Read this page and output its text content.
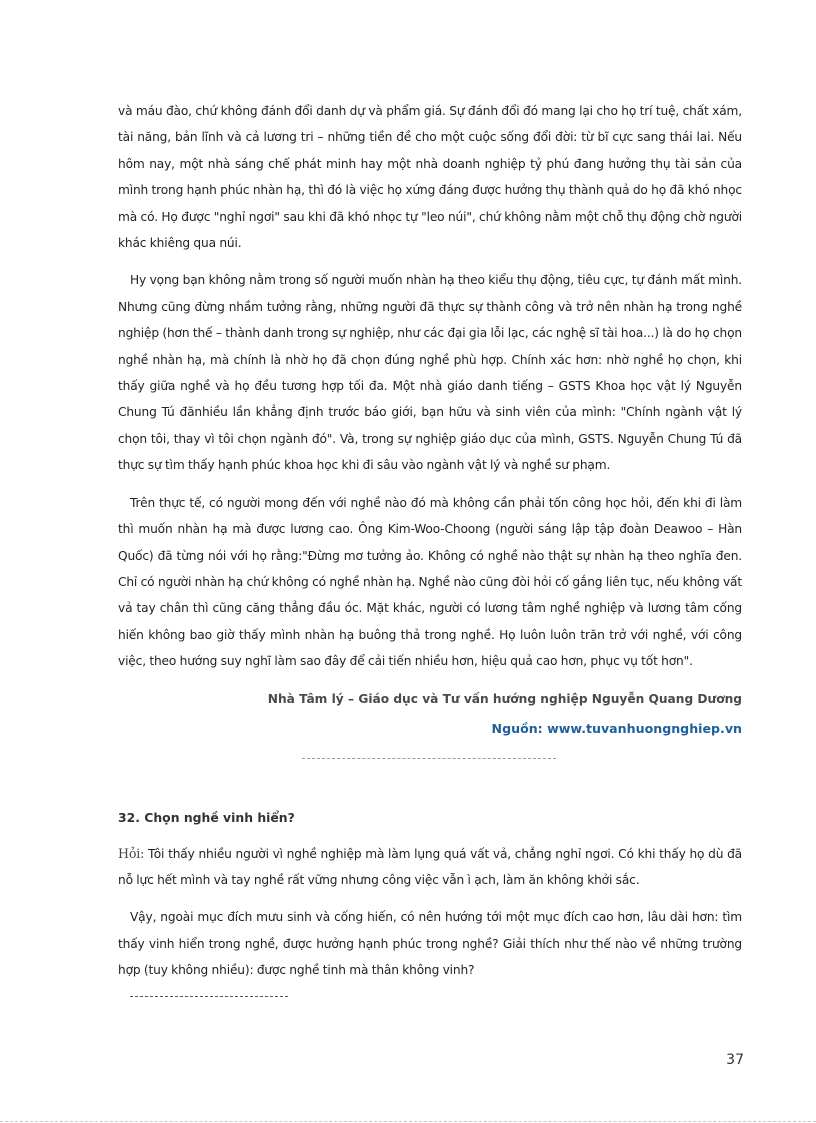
và máu đào, chứ không đánh đổi danh dự và phẩm giá. Sự đánh đổi đó mang lại cho họ trí tuệ, chất xám, tài năng, bản lĩnh và cả lương tri – những tiền đề cho một cuộc sống đổi đời: từ bĩ cực sang thái lai. Nếu hôm nay, một nhà sáng chế phát minh hay một nhà doanh nghiệp tỷ phú đang hưởng thụ tài sản của mình trong hạnh phúc nhàn hạ, thì đó là việc họ xứng đáng được hưởng thụ thành quả do họ đã khó nhọc mà có. Họ được "nghỉ ngơi" sau khi đã khó nhọc tự "leo núi", chứ không nằm một chỗ thụ động chờ người khác khiêng qua núi.

Hy vọng bạn không nằm trong số người muốn nhàn hạ theo kiểu thụ động, tiêu cực, tự đánh mất mình. Nhưng cũng đừng nhầm tưởng rằng, những người đã thực sự thành công và trở nên nhàn hạ trong nghề nghiệp (hơn thế – thành danh trong sự nghiệp, như các đại gia lỗi lạc, các nghệ sĩ tài hoa...) là do họ chọn nghề nhàn hạ, mà chính là nhờ họ đã chọn đúng nghề phù hợp. Chính xác hơn: nhờ nghề họ chọn, khi thấy giữa nghề và họ đều tương hợp tối đa. Một nhà giáo danh tiếng – GSTS Khoa học vật lý Nguyễn Chung Tú đãnhiều lần khẳng định trước báo giới, bạn hữu và sinh viên của mình: "Chính ngành vật lý chọn tôi, thay vì tôi chọn ngành đó". Và, trong sự nghiệp giáo dục của mình, GSTS. Nguyễn Chung Tú đã thực sự tìm thấy hạnh phúc khoa học khi đi sâu vào ngành vật lý và nghề sư phạm.

Trên thực tế, có người mong đến với nghề nào đó mà không cần phải tốn công học hỏi, đến khi đi làm thì muốn nhàn hạ mà được lương cao. Ông Kim-Woo-Choong (người sáng lập tập đoàn Deawoo – Hàn Quốc) đã từng nói với họ rằng:"Đừng mơ tưởng ảo. Không có nghề nào thật sự nhàn hạ theo nghĩa đen. Chỉ có người nhàn hạ chứ không có nghề nhàn hạ. Nghề nào cũng đòi hỏi cố gắng liên tục, nếu không vất vả tay chân thì cũng căng thẳng đầu óc. Mặt khác, người có lương tâm nghề nghiệp và lương tâm cống hiến không bao giờ thấy mình nhàn hạ buông thả trong nghề. Họ luôn luôn trăn trở với nghề, với công việc, theo hướng suy nghĩ làm sao đây để cải tiến nhiều hơn, hiệu quả cao hơn, phục vụ tốt hơn".

Nhà Tâm lý – Giáo dục và Tư vấn hướng nghiệp Nguyễn Quang Dương
Nguồn: www.tuvanhuongnghiep.vn
32. Chọn nghề vinh hiển?

Hỏi: Tôi thấy nhiều người vì nghề nghiệp mà làm lụng quá vất vả, chẳng nghỉ ngơi. Có khi thấy họ dù đã nỗ lực hết mình và tay nghề rất vững nhưng công việc vẫn ì ạch, làm ăn không khởi sắc.

Vậy, ngoài mục đích mưu sinh và cống hiến, có nên hướng tới một mục đích cao hơn, lâu dài hơn: tìm thấy vinh hiển trong nghề, được hưởng hạnh phúc trong nghề? Giải thích như thế nào về những trường hợp (tuy không nhiều): được nghề tinh mà thân không vinh?

37
